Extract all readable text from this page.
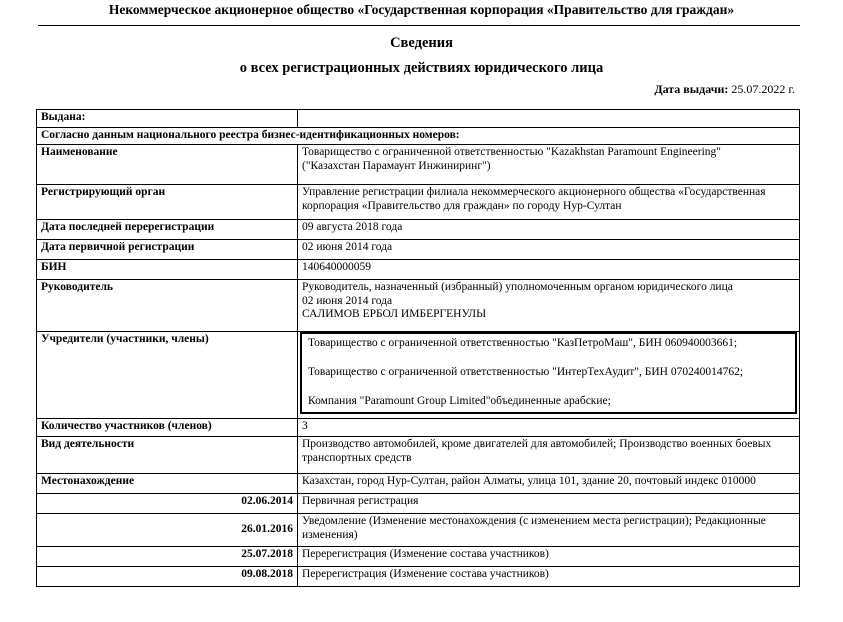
Некоммерческое акционерное общество «Государственная корпорация «Правительство для граждан»
Сведения
о всех регистрационных действиях юридического лица
Дата выдачи: 25.07.2022 г.
Выдана:	
Согласно данным национального реестра бизнес-идентификационных номеров:	
Наименование	Товарищество с ограниченной ответственностью "Kazakhstan Paramount Engineering"
("Казахстан Парамаунт Инжиниринг")

Регистрирующий орган	Управление регистрации филиала некоммерческого акционерного общества «Государственная
корпорация «Правительство для граждан» по городу Нур-Султан

Дата последней перерегистрации	09 августа 2018 года
Дата первичной регистрации	02 июня 2014 года
БИН	140640000059
Руководитель	Руководитель, назначенный (избранный) уполномоченным органом юридического лица
02 июня 2014 года
САЛИМОВ ЕРБОЛ ИМБЕРГЕНУЛЫ

Учредители (участники, члены)	Товарищество с ограниченной ответственностью "КазПетроМаш", БИН 060940003661;
Товарищество с ограниченной ответственностью "ИнтерТехАудит", БИН 070240014762;
Компания "Paramount Group Limited"объединенные арабские;

Количество участников (членов)	3
Вид деятельности	Производство автомобилей, кроме двигателей для автомобилей; Производство военных боевых
транспортных средств

Местонахождение	Казахстан, город Нур-Султан, район Алматы, улица 101, здание 20, почтовый индекс 010000
02.06.2014	Первичная регистрация

26.01.2016	Уведомление (Изменение местонахождения (с изменением места регистрации); Редакционные
изменения)

25.07.2018	Перерегистрация (Изменение состава участников)

09.08.2018	Перерегистрация (Изменение состава участников)
